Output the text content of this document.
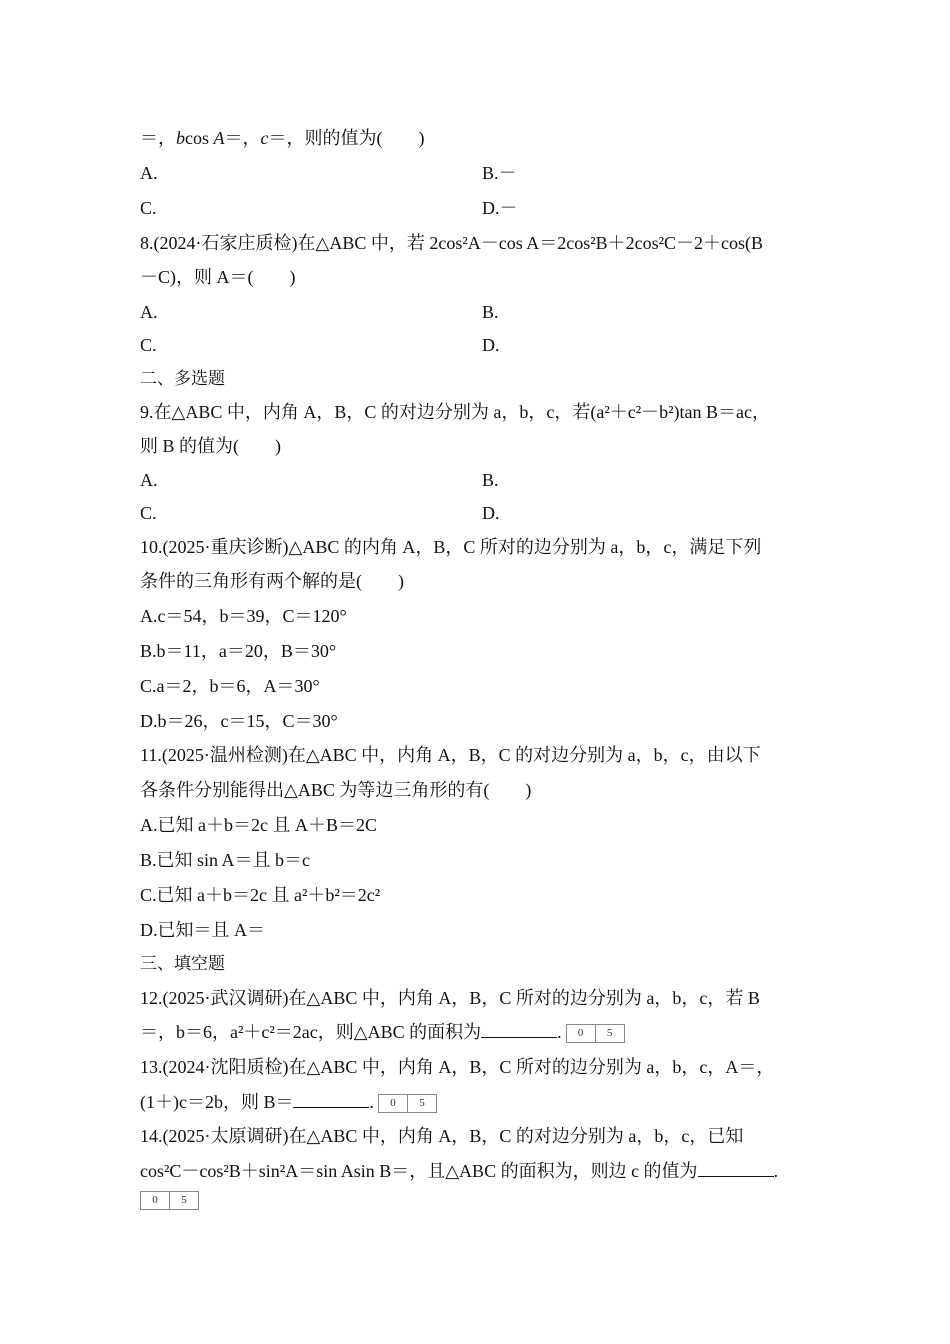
＝，bcos A＝，c＝，则的值为(　　)
A.	B.－
C.	D.－
8.(2024·石家庄质检)在△ABC 中，若 2cos²A－cos A＝2cos²B＋2cos²C－2＋cos(B
－C)，则 A＝(　　)
A.	B.
C.	D.
二、多选题
9.在△ABC 中，内角 A，B，C 的对边分别为 a，b，c，若(a²＋c²－b²)tan B＝ac，
则 B 的值为(　　)
A.	B.
C.	D.
10.(2025·重庆诊断)△ABC 的内角 A，B，C 所对的边分别为 a，b，c，满足下列
条件的三角形有两个解的是(　　)
A.c＝54，b＝39，C＝120°
B.b＝11，a＝20，B＝30°
C.a＝2，b＝6，A＝30°
D.b＝26，c＝15，C＝30°
11.(2025·温州检测)在△ABC 中，内角 A，B，C 的对边分别为 a，b，c，由以下
各条件分别能得出△ABC 为等边三角形的有(　　)
A.已知 a＋b＝2c 且 A＋B＝2C
B.已知 sin A＝且 b＝c
C.已知 a＋b＝2c 且 a²＋b²＝2c²
D.已知＝且 A＝
三、填空题
12.(2025·武汉调研)在△ABC 中，内角 A，B，C 所对的边分别为 a，b，c，若 B
＝，b＝6，a²＋c²＝2ac，则△ABC 的面积为	. 0 5
13.(2024·沈阳质检)在△ABC 中，内角 A，B，C 所对的边分别为 a，b，c，A＝，
(1＋)c＝2b，则 B＝	. 0 5
14.(2025·太原调研)在△ABC 中，内角 A，B，C 的对边分别为 a，b，c，已知
cos²C－cos²B＋sin²A＝sin Asin B＝，且△ABC 的面积为，则边 c 的值为	.
0 5
